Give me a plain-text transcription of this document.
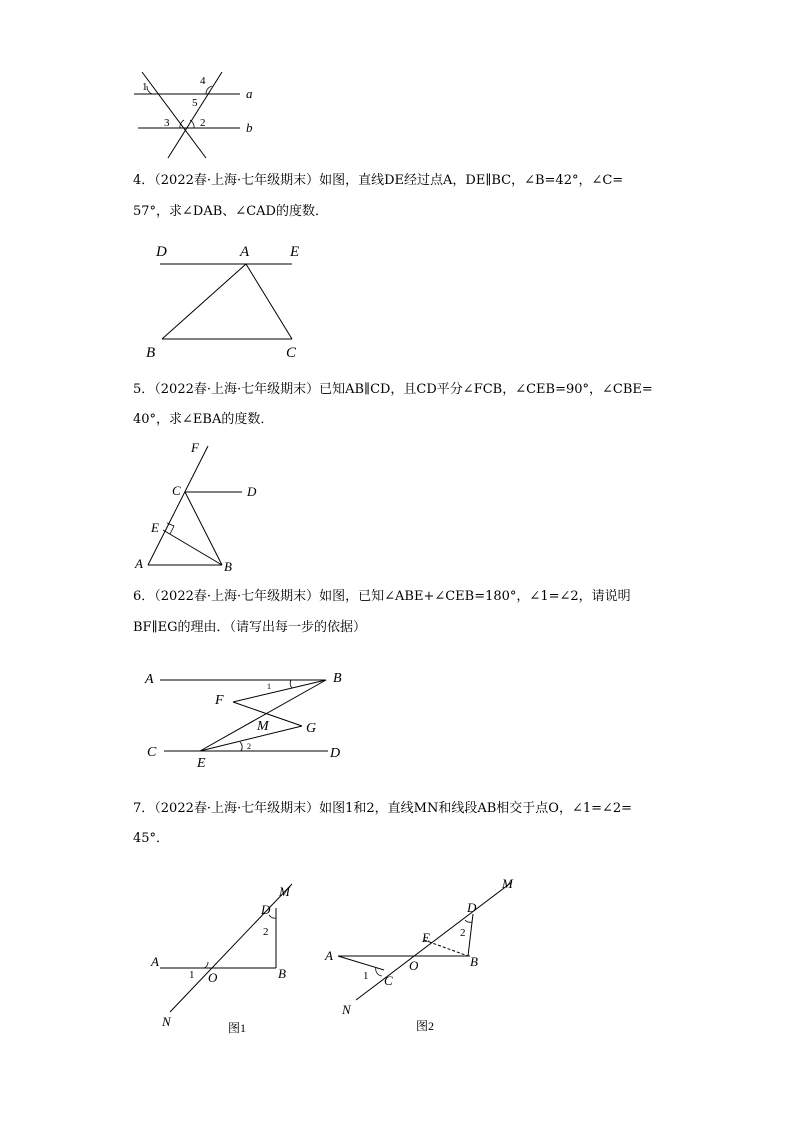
1	4
5
a
3	2	b

4．（2022春·上海·七年级期末）如图，直线DE经过点A，DE∥BC，∠B=42°，∠C=

57°，求∠DAB、∠CAD的度数．

D	A	E
B	C

5．（2022春·上海·七年级期末）已知AB∥CD，且CD平分∠FCB，∠CEB=90°，∠CBE=

40°，求∠EBA的度数．

F
C	D
E
A	B

6．（2022春·上海·七年级期末）如图，已知∠ABE+∠CEB=180°，∠1=∠2，请说明

BF∥EG的理由．（请写出每一步的依据）

A	1
B
F
M	G
C	2	D
E

7．（2022春·上海·七年级期末）如图1和2，直线MN和线段AB相交于点O，∠1=∠2=

45°．

D
M
2
A
1 O	B
N	图1
M
D
E	2
A
O	B
1 C
N
图2
